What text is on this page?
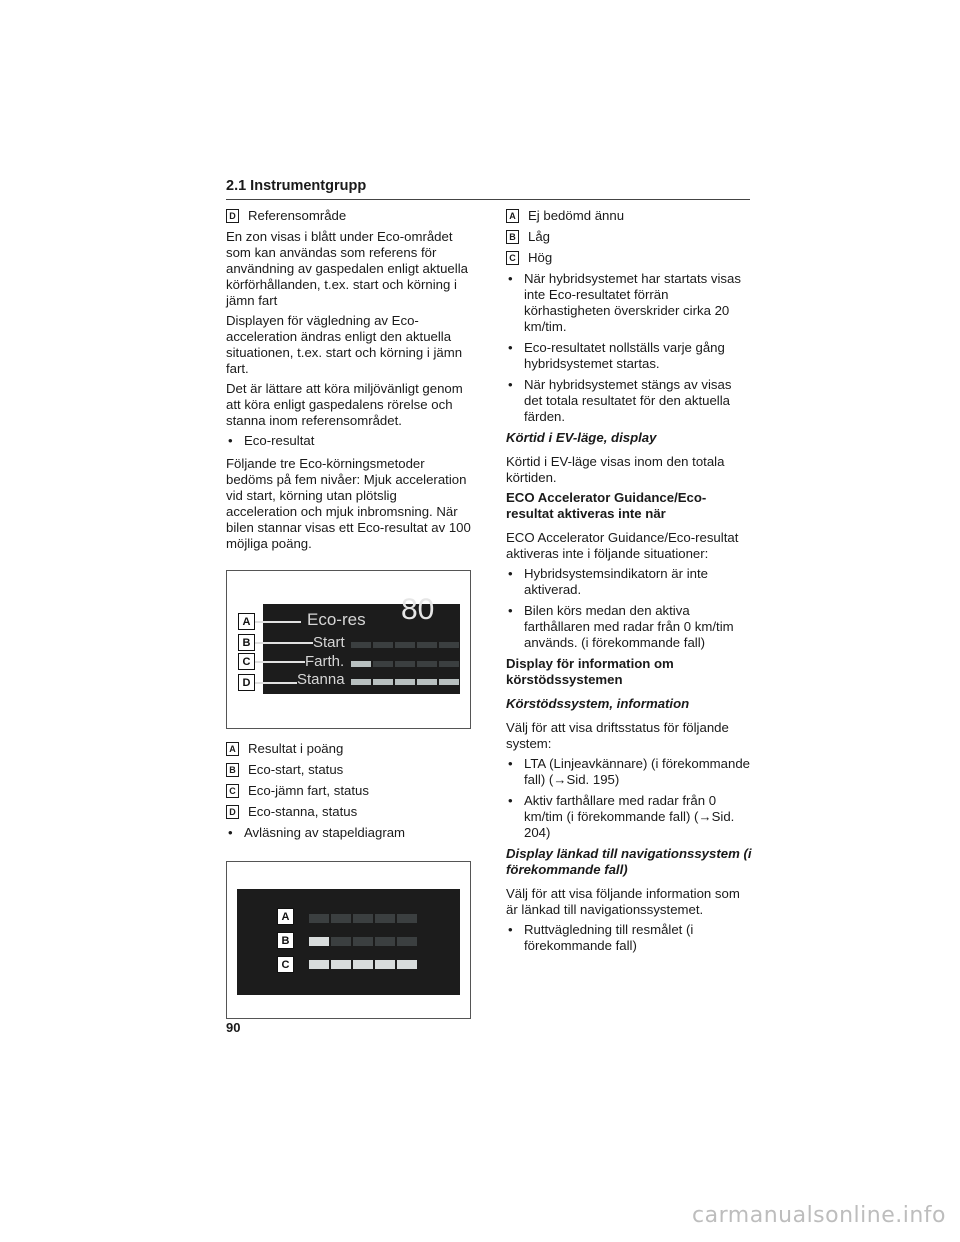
2.1 Instrumentgrupp
D Referensområde

En zon visas i blått under Eco-området som kan användas som referens för användning av gaspedalen enligt aktuella körförhållanden, t.ex. start och körning i jämn fart

Displayen för vägledning av Eco-acceleration ändras enligt den aktuella situationen, t.ex. start och körning i jämn fart.

Det är lättare att köra miljövänligt genom att köra enligt gaspedalens rörelse och stanna inom referensområdet.

• Eco-resultat

Följande tre Eco-körningsmetoder bedöms på fem nivåer: Mjuk acceleration vid start, körning utan plötslig acceleration och mjuk inbromsning. När bilen stannar visas ett Eco-resultat av 100 möjliga poäng.

Eco-res 80
Start
Farth.
Stanna
A
B
C
D
A Resultat i poäng
B Eco-start, status
C Eco-jämn fart, status
D Eco-stanna, status
• Avläsning av stapeldiagram
A
B
C
A Ej bedömd ännu
B Låg
C Hög
• När hybridsystemet har startats visas inte Eco-resultatet förrän körhastigheten överskrider cirka 20 km/tim.
• Eco-resultatet nollställs varje gång hybridsystemet startas.
• När hybridsystemet stängs av visas det totala resultatet för den aktuella färden.
Körtid i EV-läge, display

Körtid i EV-läge visas inom den totala körtiden.

ECO Accelerator Guidance/Eco-resultat aktiveras inte när

ECO Accelerator Guidance/Eco-resultat aktiveras inte i följande situationer:

• Hybridsystemsindikatorn är inte aktiverad.
• Bilen körs medan den aktiva farthållaren med radar från 0 km/tim används. (i förekommande fall)
Display för information om körstödssystemen
Körstödssystem, information

Välj för att visa driftsstatus för följande system:

• LTA (Linjeavkännare) (i förekommande fall) (→Sid. 195)
• Aktiv farthållare med radar från 0 km/tim (i förekommande fall) (→Sid. 204)
Display länkad till navigationssystem (i förekommande fall)

Välj för att visa följande information som är länkad till navigationssystemet.

• Ruttvägledning till resmålet (i förekommande fall)
90
carmanualsonline.info
